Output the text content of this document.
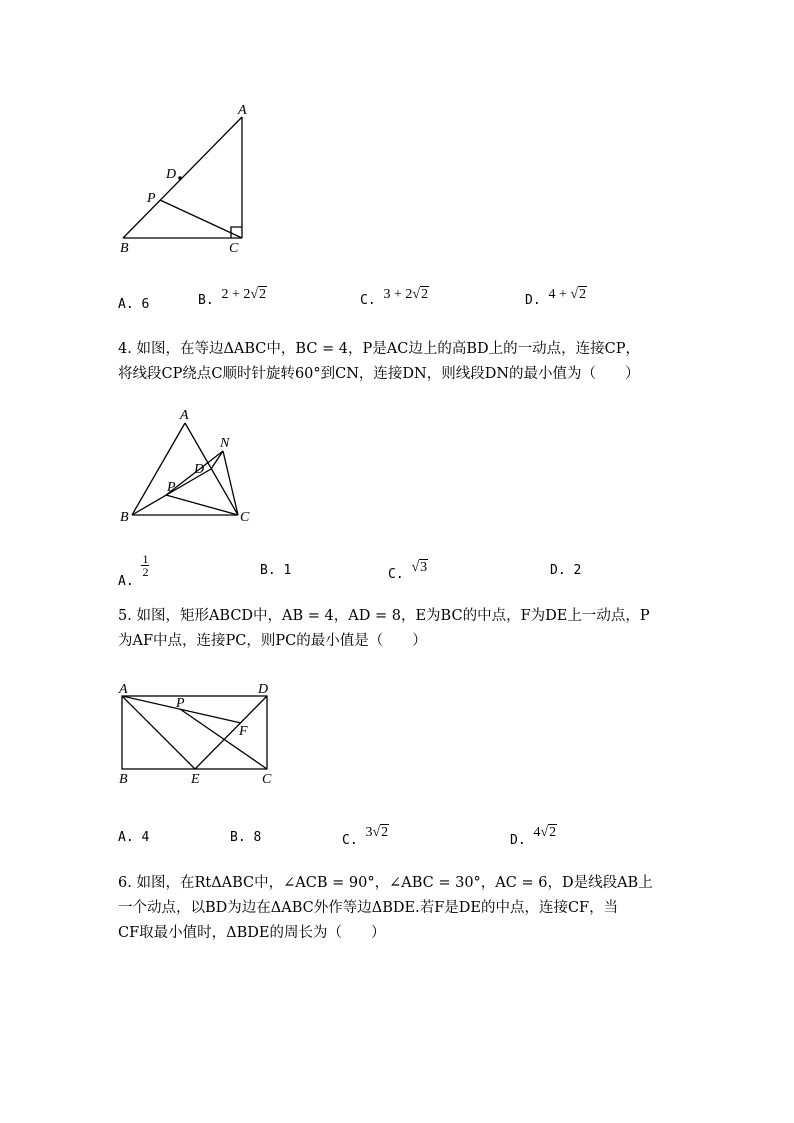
A
D
P
B	C
A. 6	B. 2 + 2√2	C. 3 + 2√2	D. 4 + √2
4. 如图，在等边ΔABC中，BC = 4，P是AC边上的高BD上的一动点，连接CP，
将线段CP绕点C顺时针旋转60°到CN，连接DN，则线段DN的最小值为（　　）
A
N
D
P
B	C
A.
$\frac{1}{2}$	B. 1	C. √3	D. 2
5. 如图，矩形ABCD中，AB = 4，AD = 8，E为BC的中点，F为DE上一动点，P
为AF中点，连接PC，则PC的最小值是（　　）
A	D
P
F
B	E	C
A. 4	B. 8	C. 3√2
D. 4√2
6. 如图，在RtΔABC中，∠ACB = 90°，∠ABC = 30°，AC = 6，D是线段AB上
一个动点，以BD为边在ΔABC外作等边ΔBDE.若F是DE的中点，连接CF，当
CF取最小值时，ΔBDE的周长为（　　）
